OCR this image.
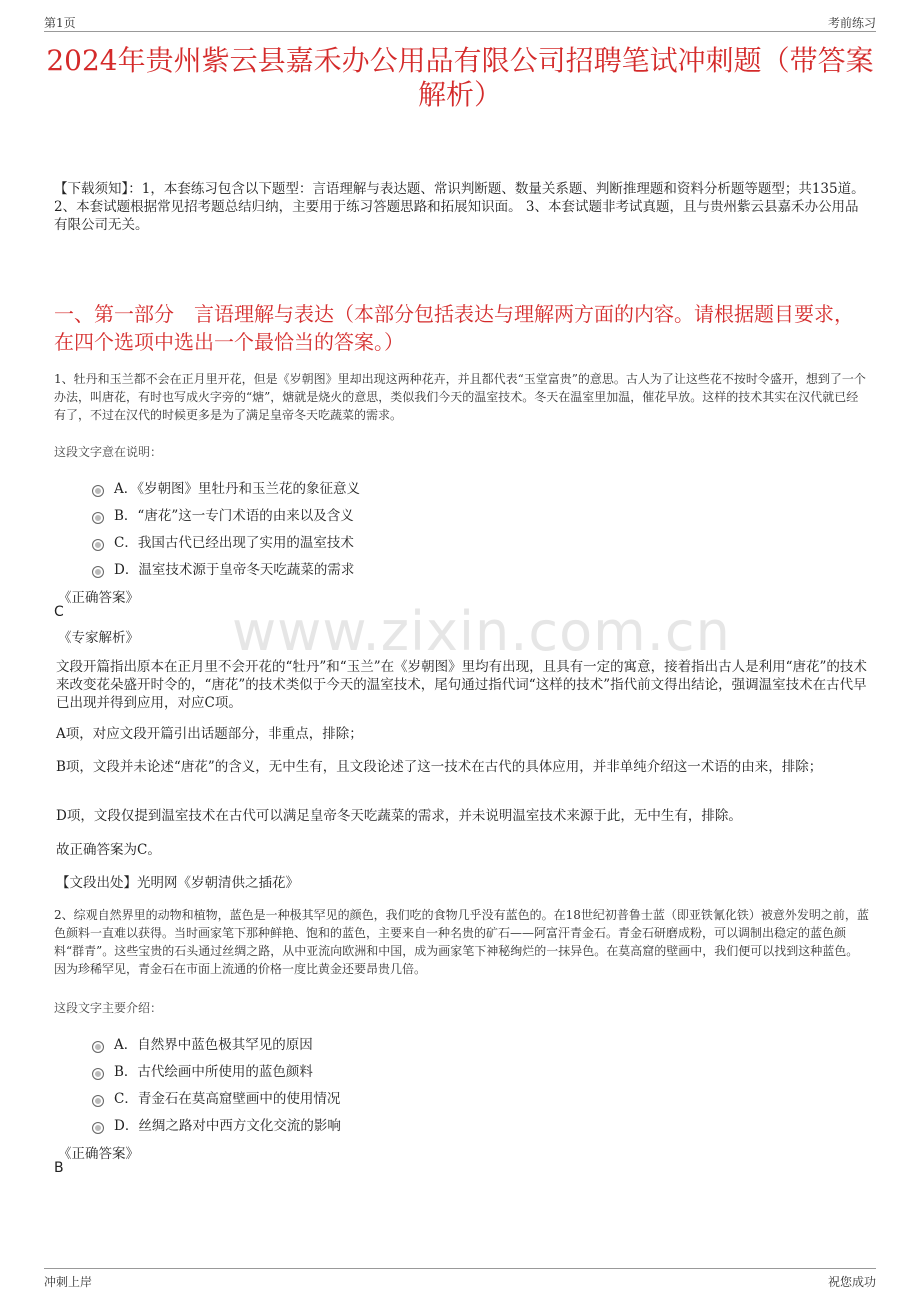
第1页	考前练习
2024年贵州紫云县嘉禾办公用品有限公司招聘笔试冲刺题（带答案解析）
【下载须知】：1，本套练习包含以下题型：言语理解与表达题、常识判断题、数量关系题、判断推理题和资料分析题等题型；共135道。 2、本套试题根据常见招考题总结归纳，主要用于练习答题思路和拓展知识面。 3、本套试题非考试真题，且与贵州紫云县嘉禾办公用品有限公司无关。
一、第一部分　言语理解与表达（本部分包括表达与理解两方面的内容。请根据题目要求，在四个选项中选出一个最恰当的答案。）
1、牡丹和玉兰都不会在正月里开花，但是《岁朝图》里却出现这两种花卉，并且都代表“玉堂富贵”的意思。古人为了让这些花不按时令盛开，想到了一个办法，叫唐花，有时也写成火字旁的“煻”，煻就是烧火的意思，类似我们今天的温室技术。冬天在温室里加温，催花早放。这样的技术其实在汉代就已经有了，不过在汉代的时候更多是为了满足皇帝冬天吃蔬菜的需求。
这段文字意在说明：
A．《岁朝图》里牡丹和玉兰花的象征意义
B．“唐花”这一专门术语的由来以及含义
C．我国古代已经出现了实用的温室技术
D．温室技术源于皇帝冬天吃蔬菜的需求
《正确答案》
C
《专家解析》
文段开篇指出原本在正月里不会开花的“牡丹”和“玉兰”在《岁朝图》里均有出现，且具有一定的寓意，接着指出古人是利用“唐花”的技术来改变花朵盛开时令的，“唐花”的技术类似于今天的温室技术，尾句通过指代词“这样的技术”指代前文得出结论，强调温室技术在古代早已出现并得到应用，对应C项。
A项，对应文段开篇引出话题部分，非重点，排除；
B项，文段并未论述“唐花”的含义，无中生有，且文段论述了这一技术在古代的具体应用，并非单纯介绍这一术语的由来，排除；
D项，文段仅提到温室技术在古代可以满足皇帝冬天吃蔬菜的需求，并未说明温室技术来源于此，无中生有，排除。
故正确答案为C。
【文段出处】光明网《岁朝清供之插花》
2、综观自然界里的动物和植物，蓝色是一种极其罕见的颜色，我们吃的食物几乎没有蓝色的。在18世纪初普鲁士蓝（即亚铁氰化铁）被意外发明之前，蓝色颜料一直难以获得。当时画家笔下那种鲜艳、饱和的蓝色，主要来自一种名贵的矿石——阿富汗青金石。青金石研磨成粉，可以调制出稳定的蓝色颜料“群青”。这些宝贵的石头通过丝绸之路，从中亚流向欧洲和中国，成为画家笔下神秘绚烂的一抹异色。在莫高窟的壁画中，我们便可以找到这种蓝色。因为珍稀罕见，青金石在市面上流通的价格一度比黄金还要昂贵几倍。
这段文字主要介绍：
A．自然界中蓝色极其罕见的原因
B．古代绘画中所使用的蓝色颜料
C．青金石在莫高窟壁画中的使用情况
D．丝绸之路对中西方文化交流的影响
《正确答案》
B
www.zixin.com.cn
冲刺上岸	祝您成功
